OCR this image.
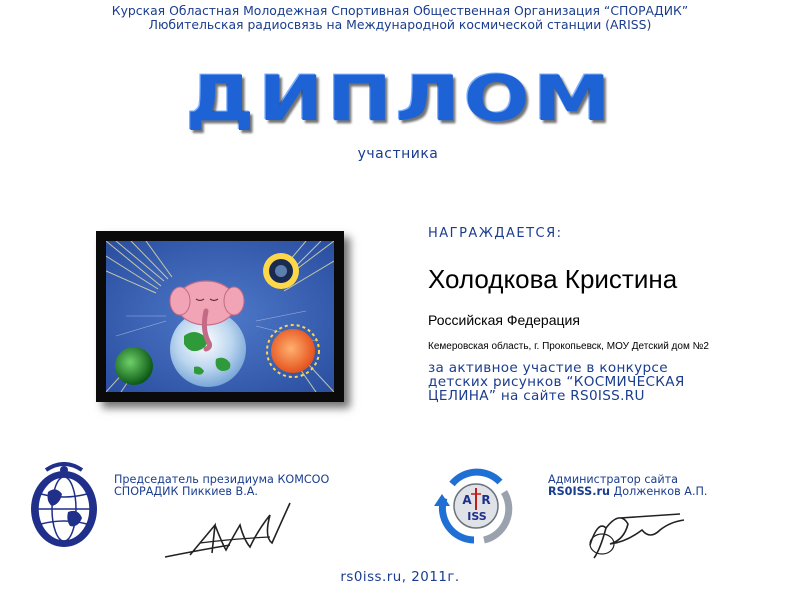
Курская Областная Молодежная Спортивная Общественная Организация “СПОРАДИК”
Любительская радиосвязь на Международной космической станции (ARISS)
ДИПЛОМ
участника
НАГРАЖДАЕТСЯ:
Холодкова Кристина
Российская Федерация
Кемеровская область, г. Прокопьевск, МОУ Детский дом №2
за активное участие в конкурсе
детских рисунков “КОСМИЧЕСКАЯ
ЦЕЛИНА” на сайте RS0ISS.RU
Председатель президиума КОМСОО
СПОРАДИК Пиккиев В.А.
A R
ISS
Администратор сайта
RS0ISS.ru Долженков А.П.
rs0iss.ru, 2011г.
